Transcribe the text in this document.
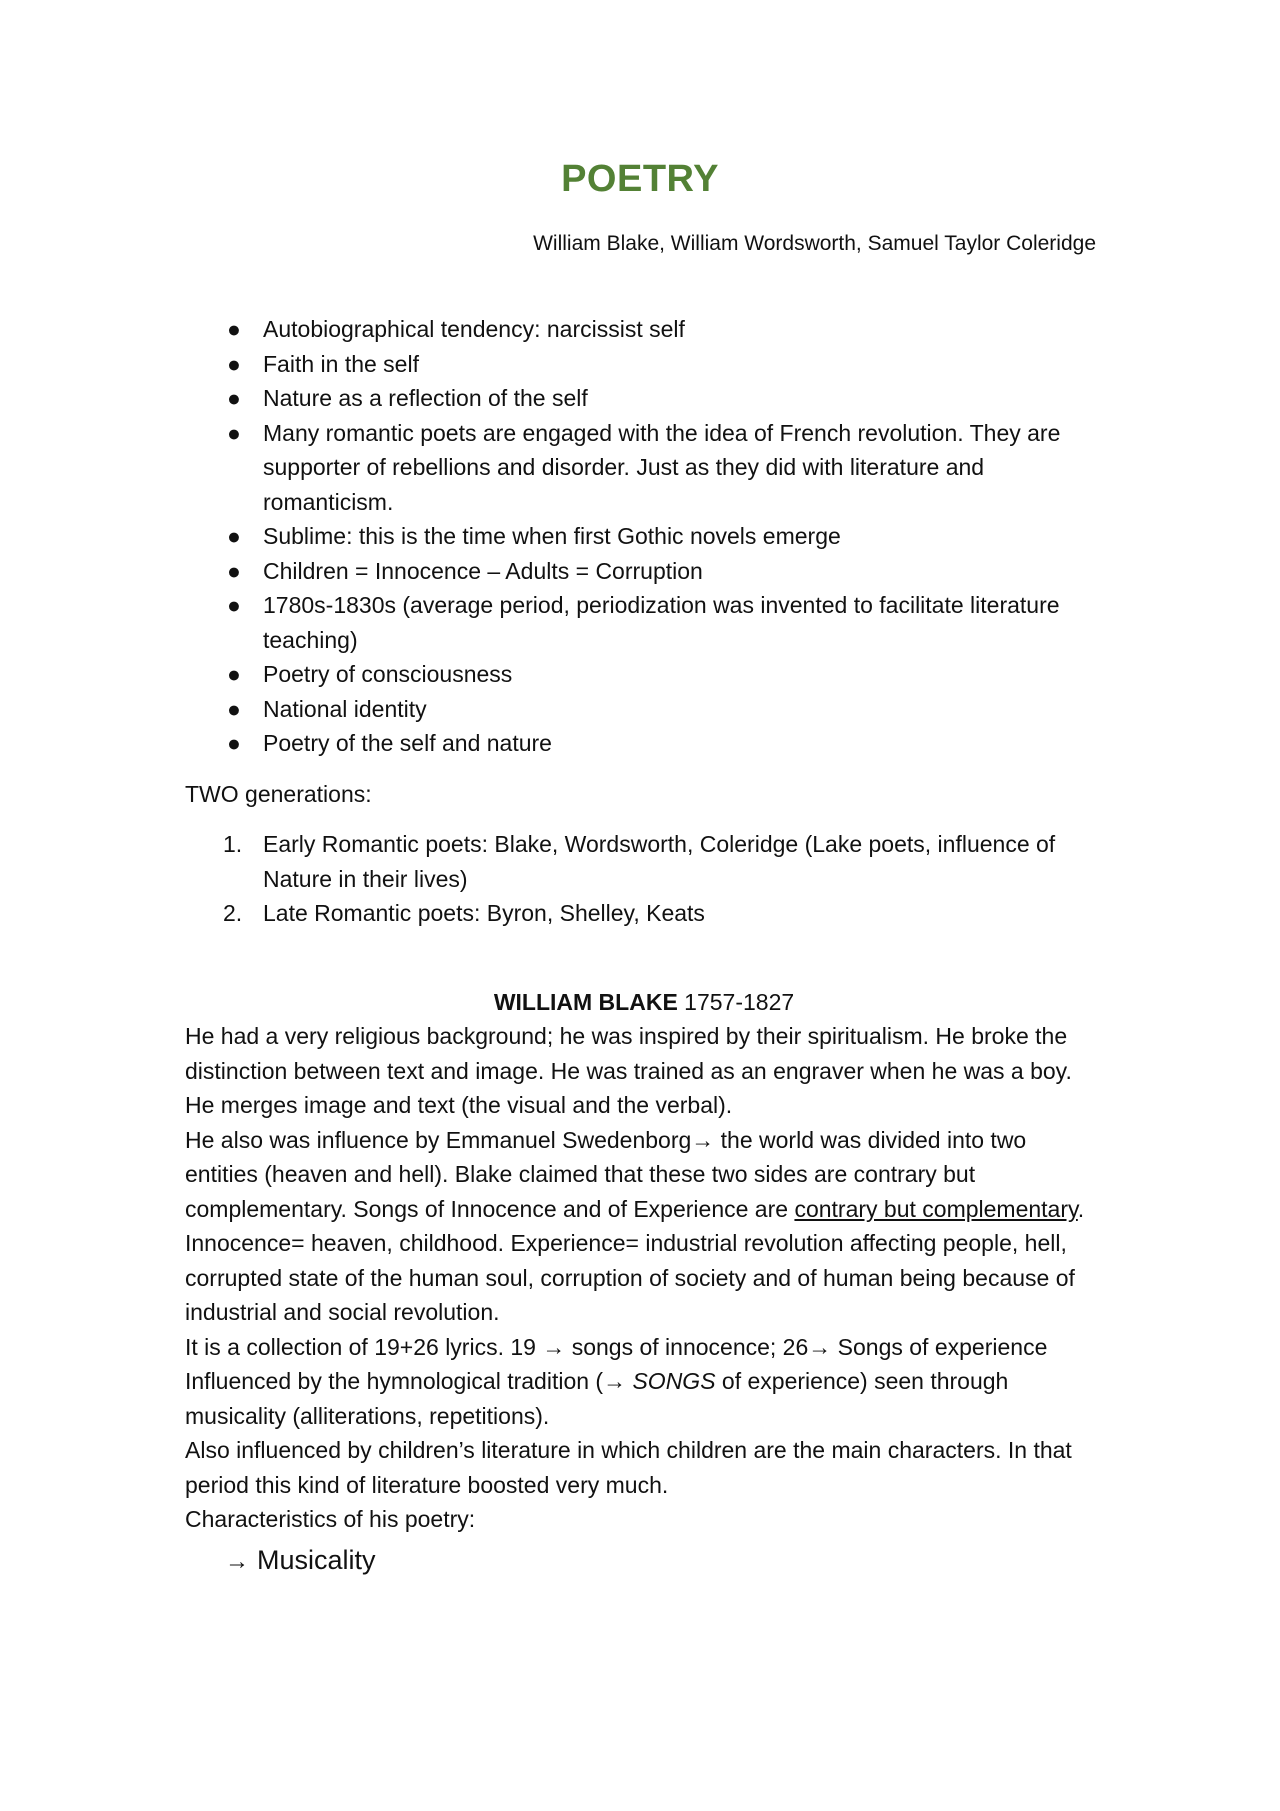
POETRY
William Blake, William Wordsworth, Samuel Taylor Coleridge
● Autobiographical tendency: narcissist self
● Faith in the self
● Nature as a reflection of the self
● Many romantic poets are engaged with the idea of French revolution. They are supporter of rebellions and disorder. Just as they did with literature and romanticism.
● Sublime: this is the time when first Gothic novels emerge
● Children = Innocence – Adults = Corruption
● 1780s-1830s (average period, periodization was invented to facilitate literature teaching)
● Poetry of consciousness
● National identity
● Poetry of the self and nature
TWO generations:
1. Early Romantic poets: Blake, Wordsworth, Coleridge (Lake poets, influence of Nature in their lives)
2. Late Romantic poets: Byron, Shelley, Keats
WILLIAM BLAKE 1757-1827

He had a very religious background; he was inspired by their spiritualism. He broke the distinction between text and image. He was trained as an engraver when he was a boy. He merges image and text (the visual and the verbal).

He also was influence by Emmanuel Swedenborg→ the world was divided into two entities (heaven and hell). Blake claimed that these two sides are contrary but complementary. Songs of Innocence and of Experience are contrary but complementary.

Innocence= heaven, childhood. Experience= industrial revolution affecting people, hell, corrupted state of the human soul, corruption of society and of human being because of industrial and social revolution.

It is a collection of 19+26 lyrics. 19 → songs of innocence; 26→ Songs of experience

Influenced by the hymnological tradition (→ SONGS of experience) seen through musicality (alliterations, repetitions).

Also influenced by children’s literature in which children are the main characters. In that period this kind of literature boosted very much.

Characteristics of his poetry:

→ Musicality
